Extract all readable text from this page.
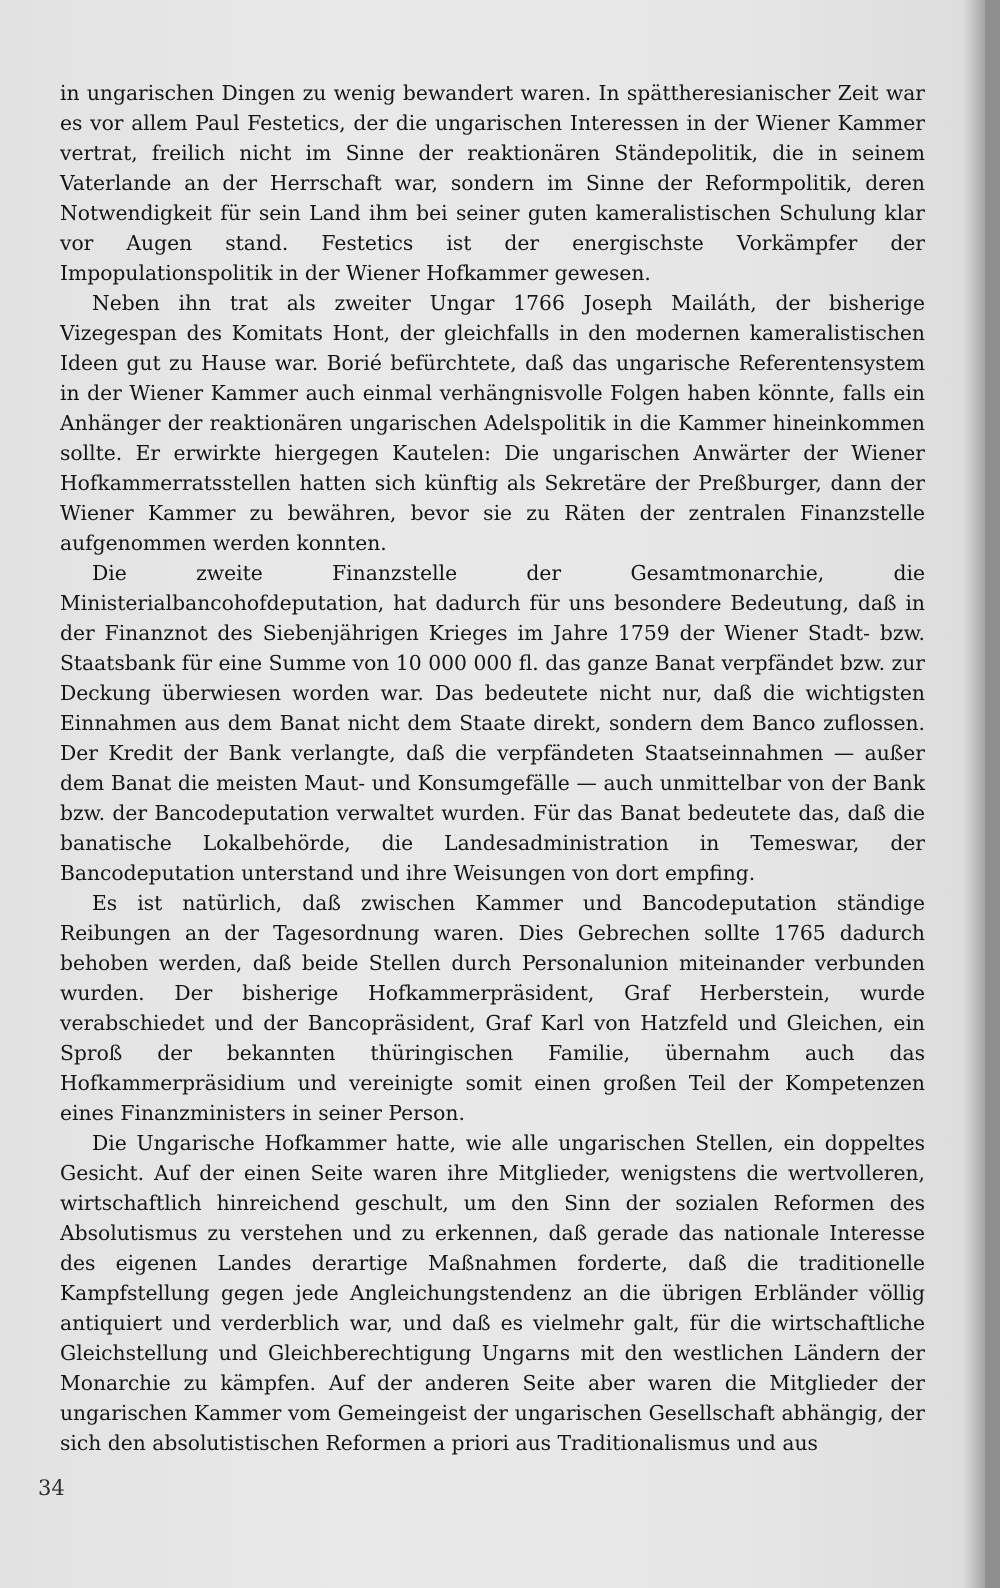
in ungarischen Dingen zu wenig bewandert waren. In spättheresianischer Zeit war es vor allem Paul Festetics, der die ungarischen Interessen in der Wiener Kammer vertrat, freilich nicht im Sinne der reaktionären Ständepolitik, die in seinem Vaterlande an der Herrschaft war, sondern im Sinne der Reformpolitik, deren Notwendigkeit für sein Land ihm bei seiner guten kameralistischen Schulung klar vor Augen stand. Festetics ist der energischste Vorkämpfer der Impopulationspolitik in der Wiener Hofkammer gewesen.

Neben ihn trat als zweiter Ungar 1766 Joseph Mailáth, der bisherige Vizegespan des Komitats Hont, der gleichfalls in den modernen kameralistischen Ideen gut zu Hause war. Borié befürchtete, daß das ungarische Referentensystem in der Wiener Kammer auch einmal verhängnisvolle Folgen haben könnte, falls ein Anhänger der reaktionären ungarischen Adelspolitik in die Kammer hineinkommen sollte. Er erwirkte hiergegen Kautelen: Die ungarischen Anwärter der Wiener Hofkammerratsstellen hatten sich künftig als Sekretäre der Preßburger, dann der Wiener Kammer zu bewähren, bevor sie zu Räten der zentralen Finanzstelle aufgenommen werden konnten.

Die zweite Finanzstelle der Gesamtmonarchie, die Ministerialbancohofdeputation, hat dadurch für uns besondere Bedeutung, daß in der Finanznot des Siebenjährigen Krieges im Jahre 1759 der Wiener Stadt- bzw. Staatsbank für eine Summe von 10 000 000 fl. das ganze Banat verpfändet bzw. zur Deckung überwiesen worden war. Das bedeutete nicht nur, daß die wichtigsten Einnahmen aus dem Banat nicht dem Staate direkt, sondern dem Banco zuflossen. Der Kredit der Bank verlangte, daß die verpfändeten Staatseinnahmen — außer dem Banat die meisten Maut- und Konsumgefälle — auch unmittelbar von der Bank bzw. der Bancodeputation verwaltet wurden. Für das Banat bedeutete das, daß die banatische Lokalbehörde, die Landesadministration in Temeswar, der Bancodeputation unterstand und ihre Weisungen von dort empfing.

Es ist natürlich, daß zwischen Kammer und Bancodeputation ständige Reibungen an der Tagesordnung waren. Dies Gebrechen sollte 1765 dadurch behoben werden, daß beide Stellen durch Personalunion miteinander verbunden wurden. Der bisherige Hofkammerpräsident, Graf Herberstein, wurde verabschiedet und der Bancopräsident, Graf Karl von Hatzfeld und Gleichen, ein Sproß der bekannten thüringischen Familie, übernahm auch das Hofkammerpräsidium und vereinigte somit einen großen Teil der Kompetenzen eines Finanzministers in seiner Person.

Die Ungarische Hofkammer hatte, wie alle ungarischen Stellen, ein doppeltes Gesicht. Auf der einen Seite waren ihre Mitglieder, wenigstens die wertvolleren, wirtschaftlich hinreichend geschult, um den Sinn der sozialen Reformen des Absolutismus zu verstehen und zu erkennen, daß gerade das nationale Interesse des eigenen Landes derartige Maßnahmen forderte, daß die traditionelle Kampfstellung gegen jede Angleichungstendenz an die übrigen Erbländer völlig antiquiert und verderblich war, und daß es vielmehr galt, für die wirtschaftliche Gleichstellung und Gleichberechtigung Ungarns mit den westlichen Ländern der Monarchie zu kämpfen. Auf der anderen Seite aber waren die Mitglieder der ungarischen Kammer vom Gemeingeist der ungarischen Gesellschaft abhängig, der sich den absolutistischen Reformen a priori aus Traditionalismus und aus

34
